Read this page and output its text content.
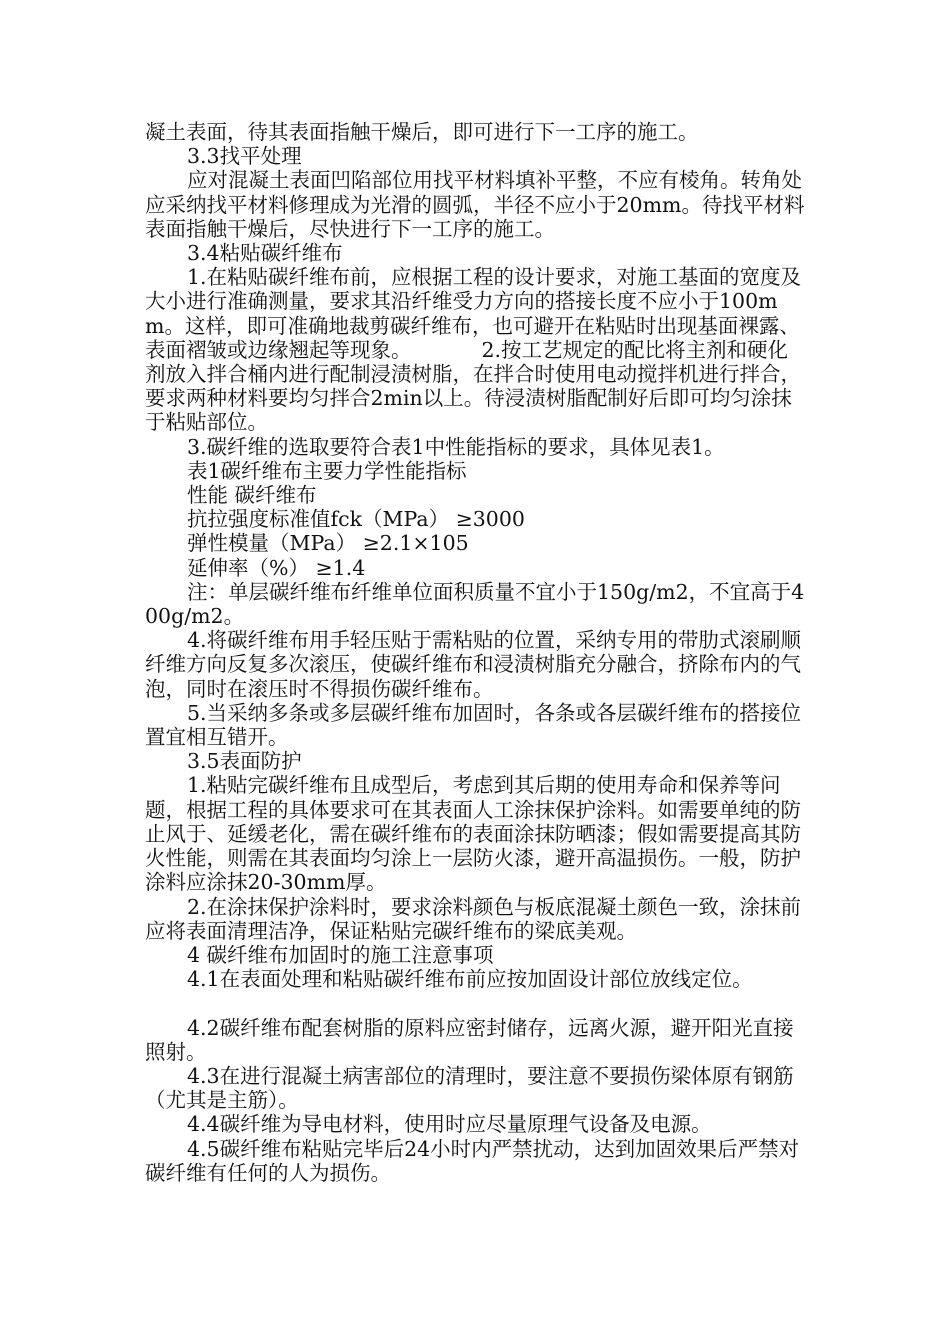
凝土表面，待其表面指触干燥后，即可进行下一工序的施工。

3.3找平处理

应对混凝土表面凹陷部位用找平材料填补平整，不应有棱角。转角处应采纳找平材料修理成为光滑的圆弧，半径不应小于20mm。待找平材料表面指触干燥后，尽快进行下一工序的施工。

3.4粘贴碳纤维布

1.在粘贴碳纤维布前，应根据工程的设计要求，对施工基面的宽度及大小进行准确测量，要求其沿纤维受力方向的搭接长度不应小于100mm。这样，即可准确地裁剪碳纤维布，也可避开在粘贴时出现基面裸露、表面褶皱或边缘翘起等现象。	2.按工艺规定的配比将主剂和硬化剂放入拌合桶内进行配制浸渍树脂，在拌合时使用电动搅拌机进行拌合，要求两种材料要均匀拌合2min以上。待浸渍树脂配制好后即可均匀涂抹于粘贴部位。

3.碳纤维的选取要符合表1中性能指标的要求，具体见表1。

表1碳纤维布主要力学性能指标

性能 碳纤维布

抗拉强度标准值fck（MPa） ≥3000

弹性模量（MPa） ≥2.1×105

延伸率（%） ≥1.4

注：单层碳纤维布纤维单位面积质量不宜小于150g/m2，不宜高于400g/m2。

4.将碳纤维布用手轻压贴于需粘贴的位置，采纳专用的带肋式滚刷顺纤维方向反复多次滚压，使碳纤维布和浸渍树脂充分融合，挤除布内的气泡，同时在滚压时不得损伤碳纤维布。

5.当采纳多条或多层碳纤维布加固时，各条或各层碳纤维布的搭接位置宜相互错开。

3.5表面防护

1.粘贴完碳纤维布且成型后，考虑到其后期的使用寿命和保养等问题，根据工程的具体要求可在其表面人工涂抹保护涂料。如需要单纯的防止风于、延缓老化，需在碳纤维布的表面涂抹防晒漆；假如需要提高其防火性能，则需在其表面均匀涂上一层防火漆，避开高温损伤。一般，防护涂料应涂抹20-30mm厚。

2.在涂抹保护涂料时，要求涂料颜色与板底混凝土颜色一致，涂抹前应将表面清理洁净，保证粘贴完碳纤维布的梁底美观。

4 碳纤维布加固时的施工注意事项

4.1在表面处理和粘贴碳纤维布前应按加固设计部位放线定位。

4.2碳纤维布配套树脂的原料应密封储存，远离火源，避开阳光直接照射。

4.3在进行混凝土病害部位的清理时，要注意不要损伤梁体原有钢筋（尤其是主筋）。

4.4碳纤维为导电材料，使用时应尽量原理气设备及电源。

4.5碳纤维布粘贴完毕后24小时内严禁扰动，达到加固效果后严禁对碳纤维有任何的人为损伤。
